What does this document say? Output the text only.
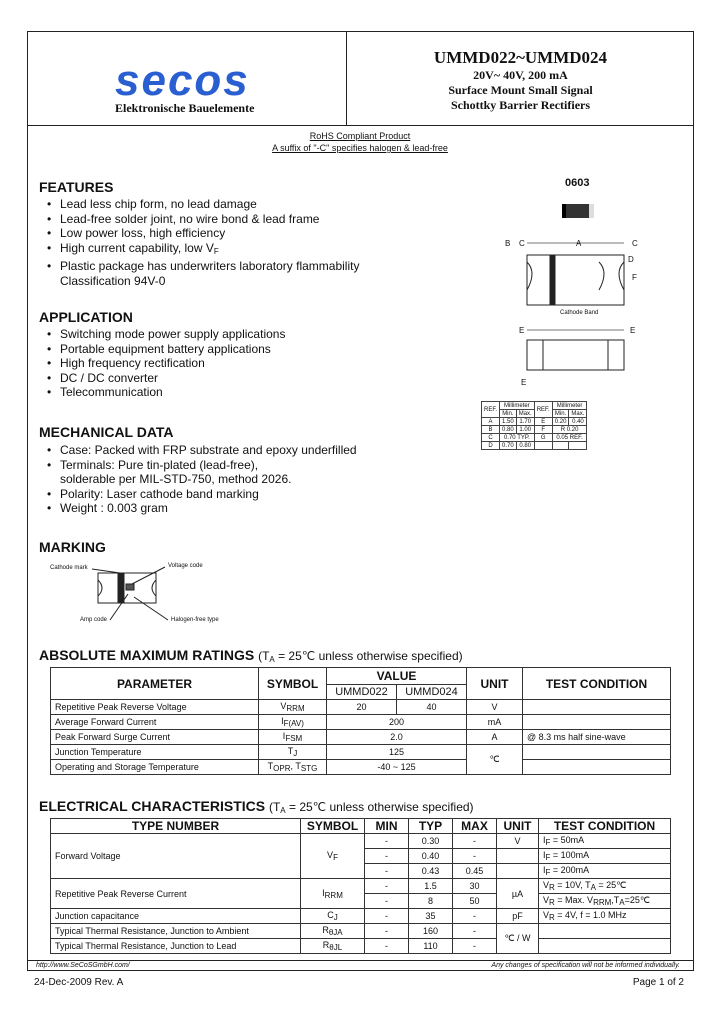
secos
Elektronische Bauelemente
UMMD022~UMMD024
20V~ 40V, 200 mA
Surface Mount Small Signal
Schottky Barrier Rectifiers
RoHS Compliant Product
A suffix of "-C" specifies halogen & lead-free
FEATURES
• Lead less chip form, no lead damage
• Lead-free solder joint, no wire bond & lead frame
• Low power loss, high efficiency
• High current capability, low $V_F$
• Plastic package has underwriters laboratory flammability
Classification 94V-0
APPLICATION
• Switching mode power supply applications
• Portable equipment battery applications
• High frequency rectification
• DC / DC converter
• Telecommunication
MECHANICAL DATA
• Case: Packed with FRP substrate and epoxy underfilled
• Terminals: Pure tin-plated (lead-free),
solderable per MIL-STD-750, method 2026.
• Polarity: Laser cathode band marking
• Weight : 0.003 gram
MARKING
Cathode mark	Voltage code
Amp code	Halogen-free type
0603
B C	A	C
D
F
Cathode Band
E	E
E
REF.	Millimeter		REF.	Millimeter	
	Min.	Max.		Min.	Max.
A	1.50	1.70	E	0.20	0.40
B	0.80	1.00	F	R 0.20	
C	0.70 TYP.		G	0.05 REF.	
D	0.70	0.80			
ABSOLUTE MAXIMUM RATINGS ($T_A$ = 25℃ unless otherwise specified)
PARAMETER	SYMBOL	VALUE		UNIT	TEST CONDITION
		UMMD022	UMMD024		
Repetitive Peak Reverse Voltage	VRRM	20	40	V	
Average Forward Current	IF(AV)	200		mA	
Peak Forward Surge Current	IFSM	2.0		A	@ 8.3 ms half sine-wave
Junction Temperature	TJ	125		℃	
Operating and Storage Temperature	TOPR, TSTG	-40 ~ 125			
ELECTRICAL CHARACTERISTICS ($T_A$ = 25℃ unless otherwise specified)
TYPE NUMBER	SYMBOL	MIN	TYP	MAX	UNIT	TEST CONDITION
Forward Voltage	VF	-	0.30	-	V	IF = 50mA
		-	0.40	-		IF = 100mA
		-	0.43	0.45		IF = 200mA
Repetitive Peak Reverse Current	IRRM	-	1.5	30	µA	VR = 10V, TA = 25℃
		-	8	50		VR = Max. VRRM,TA=25℃
Junction capacitance	CJ	-	35	-	pF	VR = 4V, f = 1.0 MHz
Typical Thermal Resistance, Junction to Ambient	RθJA	-	160	-	℃ / W	
Typical Thermal Resistance, Junction to Lead	RθJL	-	110	-		
http://www.SeCoSGmbH.com/	Any changes of specification will not be informed individually.
24-Dec-2009 Rev. A	Page 1 of 2
